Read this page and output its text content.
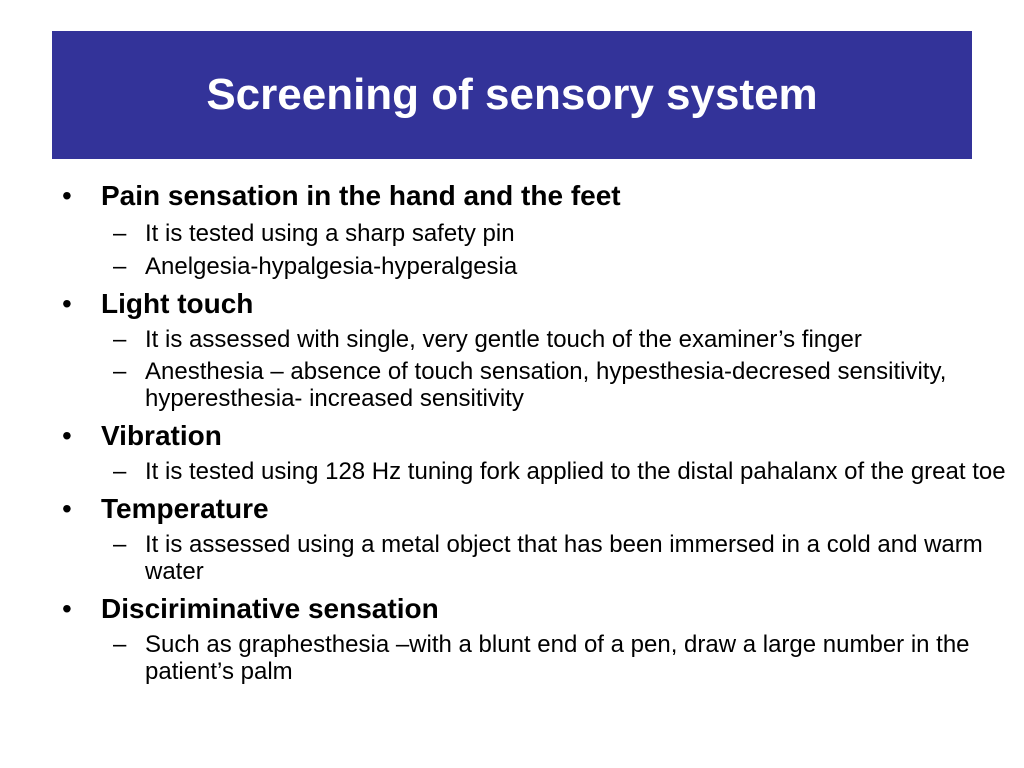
Screening of sensory system
• Pain sensation in the hand and the feet
– It is tested using a sharp safety pin
– Anelgesia-hypalgesia-hyperalgesia
• Light touch
– It is assessed with single, very gentle touch of the examiner’s finger
– Anesthesia – absence of touch sensation, hypesthesia-decresed sensitivity, hyperesthesia- increased sensitivity
• Vibration
– It is tested using 128 Hz tuning fork applied to the distal pahalanx of the great toe
• Temperature
– It is assessed using a metal object that has been immersed in a cold and warm water
• Disciriminative sensation
– Such as graphesthesia –with a blunt end of a pen, draw a large number in the patient’s palm
